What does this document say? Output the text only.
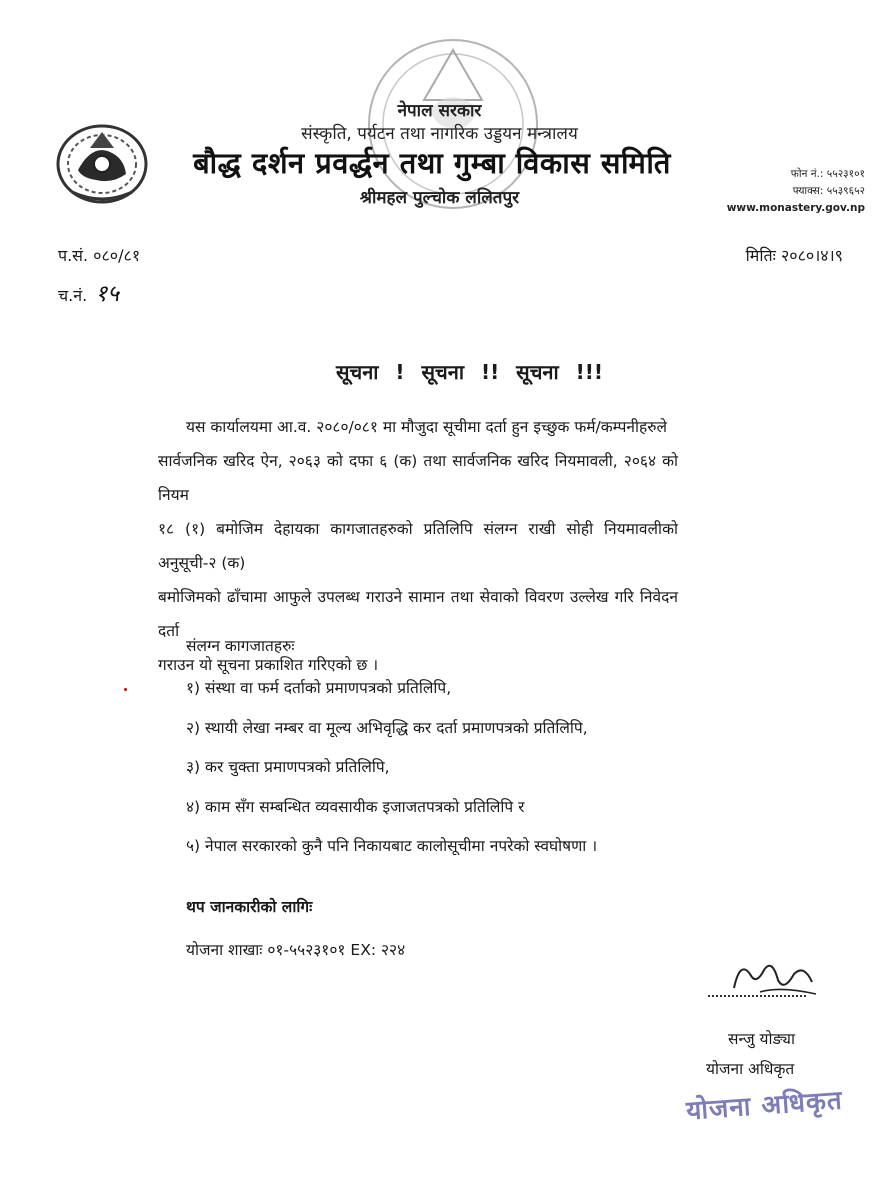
नेपाल सरकार
संस्कृति, पर्यटन तथा नागरिक उड्डयन मन्त्रालय
बौद्ध दर्शन प्रवर्द्धन तथा गुम्बा विकास समिति
श्रीमहल पुल्चोक ललितपुर
फोन नं.: ५५२३१०१
फ्याक्स: ५५३९६५२
www.monastery.gov.np
प.सं. ०८०/८१
च.नं. १५
मितिः २०८०।४।९
सूचना ! सूचना !! सूचना !!!
यस कार्यालयमा आ.व. २०८०/०८१ मा मौजुदा सूचीमा दर्ता हुन इच्छुक फर्म/कम्पनीहरुले
सार्वजनिक खरिद ऐन, २०६३ को दफा ६ (क) तथा सार्वजनिक खरिद नियमावली, २०६४ को नियम
१८ (१) बमोजिम देहायका कागजातहरुको प्रतिलिपि संलग्न राखी सोही नियमावलीको अनुसूची-२ (क)
बमोजिमको ढाँचामा आफुले उपलब्ध गराउने सामान तथा सेवाको विवरण उल्लेख गरि निवेदन दर्ता
गराउन यो सूचना प्रकाशित गरिएको छ ।
संलग्न कागजातहरुः
१) संस्था वा फर्म दर्ताको प्रमाणपत्रको प्रतिलिपि,
२) स्थायी लेखा नम्बर वा मूल्य अभिवृद्धि कर दर्ता प्रमाणपत्रको प्रतिलिपि,
३) कर चुक्ता प्रमाणपत्रको प्रतिलिपि,
४) काम सँग सम्बन्धित व्यवसायीक इजाजतपत्रको प्रतिलिपि र
५) नेपाल सरकारको कुनै पनि निकायबाट कालोसूचीमा नपरेको स्वघोषणा ।
थप जानकारीको लागिः
योजना शाखाः ०१-५५२३१०१ EX: २२४
सन्जु योङ्या
योजना अधिकृत
योजना अधिकृत
